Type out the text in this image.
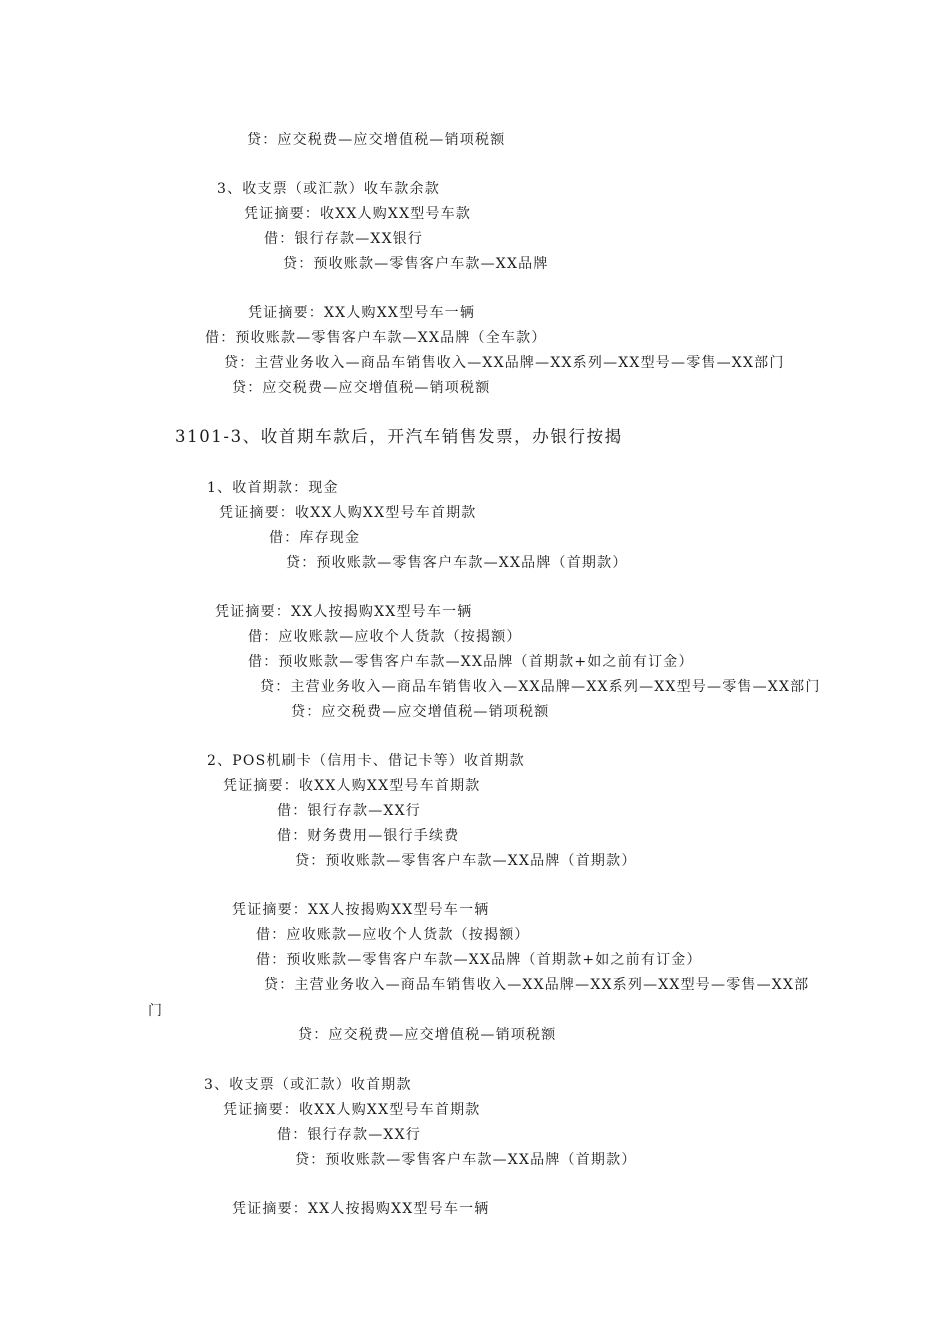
贷：应交税费—应交增值税—销项税额
3、收支票（或汇款）收车款余款
凭证摘要：收XX人购XX型号车款
借：银行存款—XX银行
贷：预收账款—零售客户车款—XX品牌
凭证摘要：XX人购XX型号车一辆
借：预收账款—零售客户车款—XX品牌（全车款）
贷：主营业务收入—商品车销售收入—XX品牌—XX系列—XX型号—零售—XX部门
贷：应交税费—应交增值税—销项税额
3101-3、收首期车款后，开汽车销售发票，办银行按揭
1、收首期款：现金
凭证摘要：收XX人购XX型号车首期款
借：库存现金
贷：预收账款—零售客户车款—XX品牌（首期款）
凭证摘要：XX人按揭购XX型号车一辆
借：应收账款—应收个人货款（按揭额）
借：预收账款—零售客户车款—XX品牌（首期款+如之前有订金）
贷：主营业务收入—商品车销售收入—XX品牌—XX系列—XX型号—零售—XX部门
贷：应交税费—应交增值税—销项税额
2、POS机刷卡（信用卡、借记卡等）收首期款
凭证摘要：收XX人购XX型号车首期款
借：银行存款—XX行
借：财务费用—银行手续费
贷：预收账款—零售客户车款—XX品牌（首期款）
凭证摘要：XX人按揭购XX型号车一辆
借：应收账款—应收个人货款（按揭额）
借：预收账款—零售客户车款—XX品牌（首期款+如之前有订金）
贷：主营业务收入—商品车销售收入—XX品牌—XX系列—XX型号—零售—XX部
门
贷：应交税费—应交增值税—销项税额
3、收支票（或汇款）收首期款
凭证摘要：收XX人购XX型号车首期款
借：银行存款—XX行
贷：预收账款—零售客户车款—XX品牌（首期款）
凭证摘要：XX人按揭购XX型号车一辆
